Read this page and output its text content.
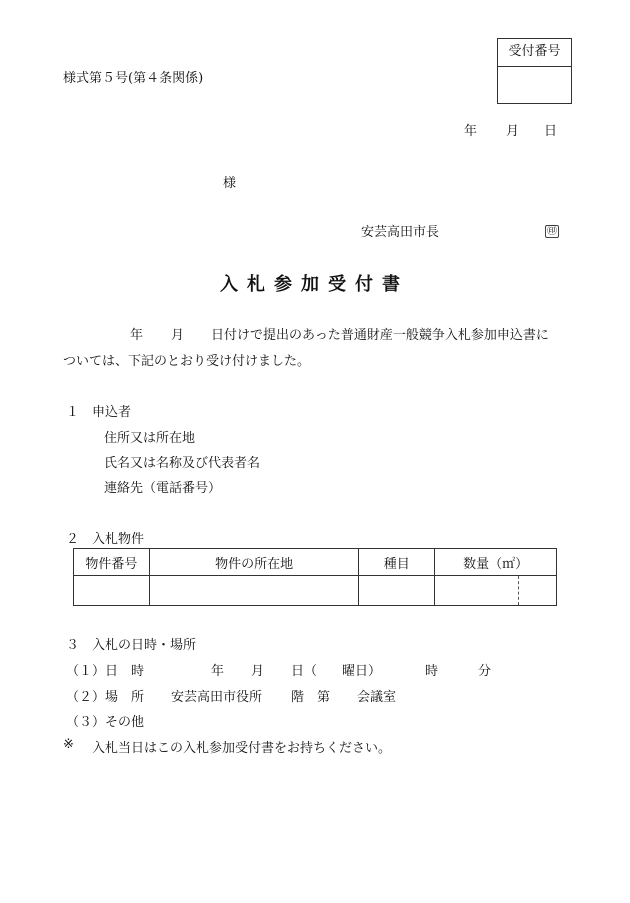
様式第５号(第４条関係)
受付番号
年 月 日
様
安芸高田市長	㊞
入札参加受付書
年 月 日付けで提出のあった普通財産一般競争入札参加申込書に
ついては、下記のとおり受け付けました。
１　申込者
住所又は所在地
氏名又は名称及び代表者名
連絡先（電話番号）
２　入札物件
物件番号	物件の所在地	種目	数量（㎡）

３　入札の日時・場所
（１）日　時	年 月 日（ 曜日）	時	分
（２）場　所 安芸高田市役所 階 第 会議室
（３）その他
※ 入札当日はこの入札参加受付書をお持ちください。
